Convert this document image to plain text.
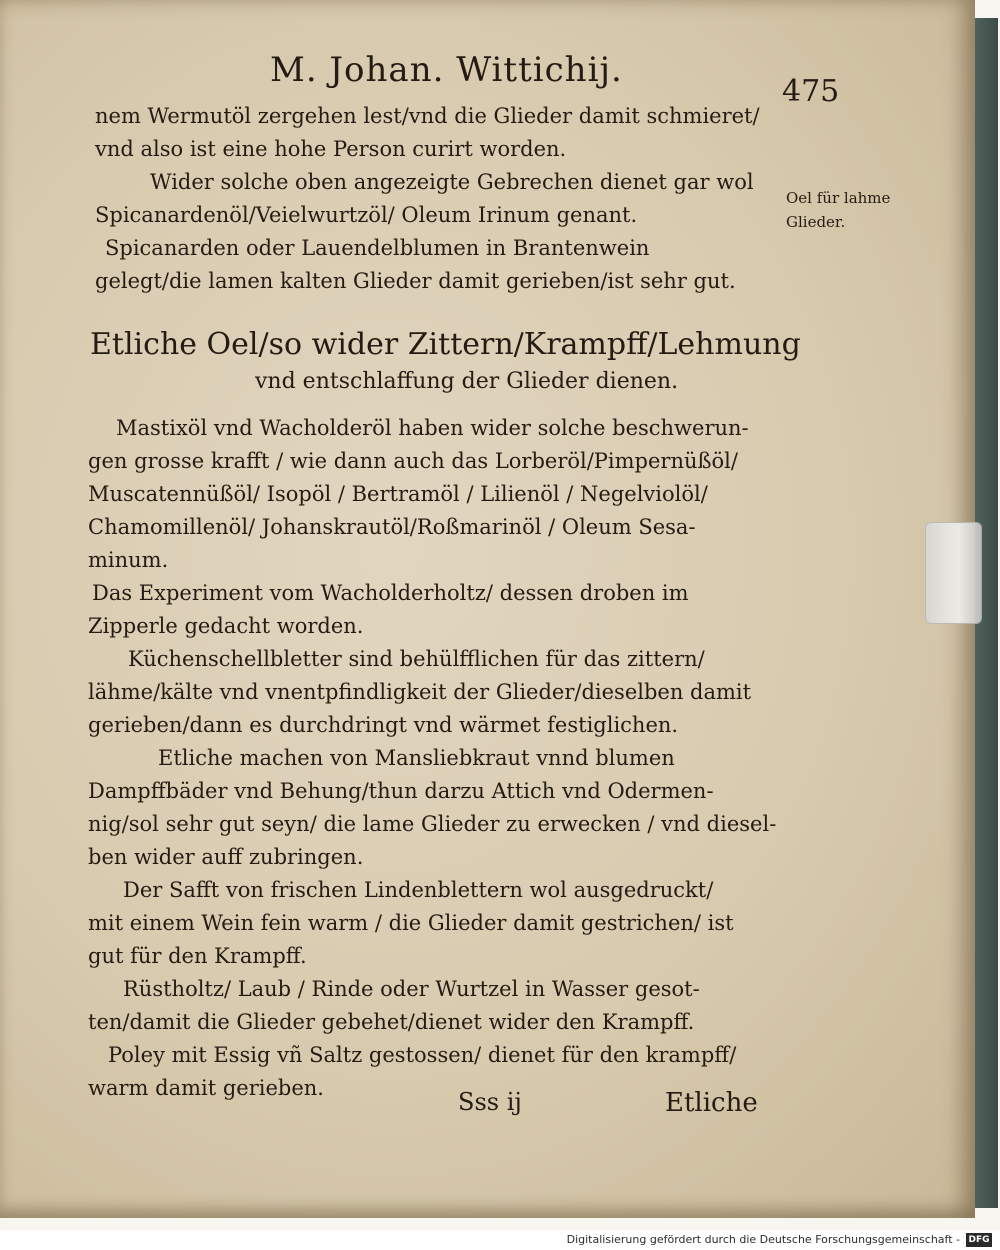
M. Johan. Wittichij.
475
Oel für lahme
Glieder.
nem Wermutöl zergehen lest/vnd die Glieder damit schmieret/
vnd also ist eine hohe Person curirt worden.
Wider solche oben angezeigte Gebrechen dienet gar wol
Spicanardenöl/Veielwurtzöl/ Oleum Irinum genant.
Spicanarden oder Lauendelblumen in Brantenwein
gelegt/die lamen kalten Glieder damit gerieben/ist sehr gut.
Etliche Oel/so wider Zittern/Krampff/Lehmung
vnd entschlaffung der Glieder dienen.
Mastixöl vnd Wacholderöl haben wider solche beschwerun-
gen grosse krafft / wie dann auch das Lorberöl/Pimpernüßöl/
Muscatennüßöl/ Isopöl / Bertramöl / Lilienöl / Negelviolöl/
Chamomillenöl/ Johanskrautöl/Roßmarinöl / Oleum Sesa-
minum.
Das Experiment vom Wacholderholtz/ dessen droben im
Zipperle gedacht worden.
Küchenschellbletter sind behülfflichen für das zittern/
lähme/kälte vnd vnentpfindligkeit der Glieder/dieselben damit
gerieben/dann es durchdringt vnd wärmet festiglichen.
Etliche machen von Mansliebkraut vnnd blumen
Dampffbäder vnd Behung/thun darzu Attich vnd Odermen-
nig/sol sehr gut seyn/ die lame Glieder zu erwecken / vnd diesel-
ben wider auff zubringen.
Der Safft von frischen Lindenblettern wol ausgedruckt/
mit einem Wein fein warm / die Glieder damit gestrichen/ ist
gut für den Krampff.
Rüstholtz/ Laub / Rinde oder Wurtzel in Wasser gesot-
ten/damit die Glieder gebehet/dienet wider den Krampff.
Poley mit Essig vñ Saltz gestossen/ dienet für den krampff/
warm damit gerieben.	Sss ij	Etliche
Digitalisierung gefördert durch die Deutsche Forschungsgemeinschaft - DFG
